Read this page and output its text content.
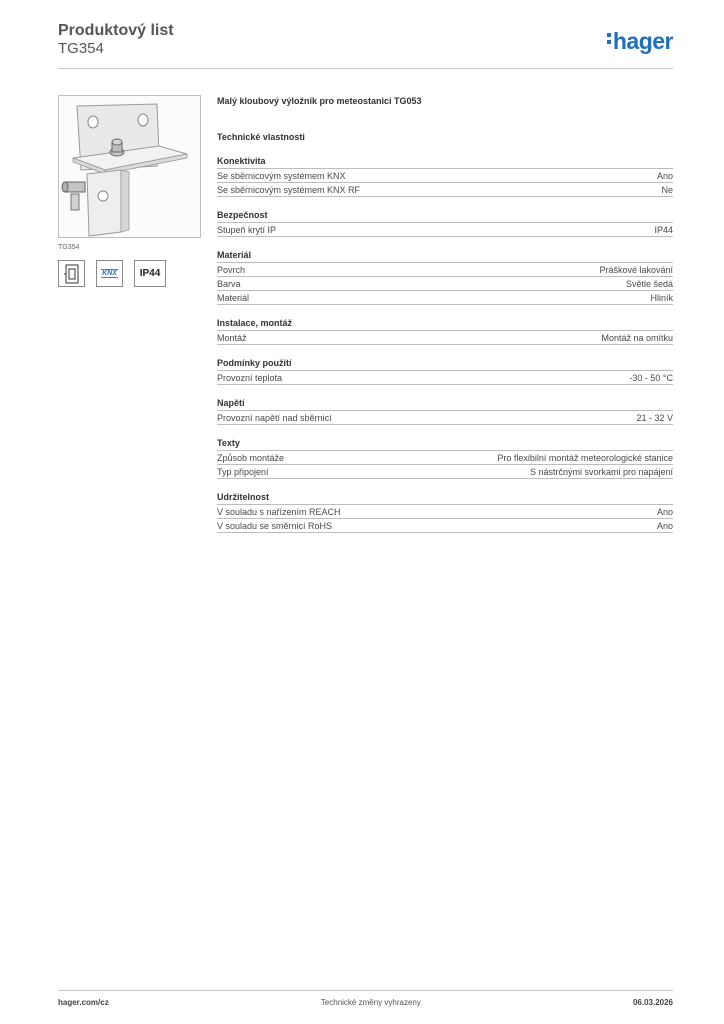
Produktový list
TG354	hager
TG354
KNX IP44
Malý kloubový výložník pro meteostanici TG053
Technické vlastnosti
Konektivita
Se sběrnicovým systémem KNX	Ano
Se sběrnicovým systémem KNX RF	Ne
Bezpečnost
Stupeň krytí IP	IP44
Materiál
Povrch	Práškové lakování
Barva	Světle šedá
Materiál	Hliník
Instalace, montáž
Montáž	Montáž na omítku
Podmínky použití
Provozní teplota	-30 - 50 °C
Napětí
Provozní napětí nad sběrnicí	21 - 32 V
Texty
Způsob montáže	Pro flexibilní montáž meteorologické stanice
Typ připojení	S nástrčnými svorkami pro napájení
Udržitelnost
V souladu s nařízením REACH	Ano
V souladu se směrnicí RoHS	Ano
hager.com/cz	Technické změny vyhrazeny	06.03.2026
